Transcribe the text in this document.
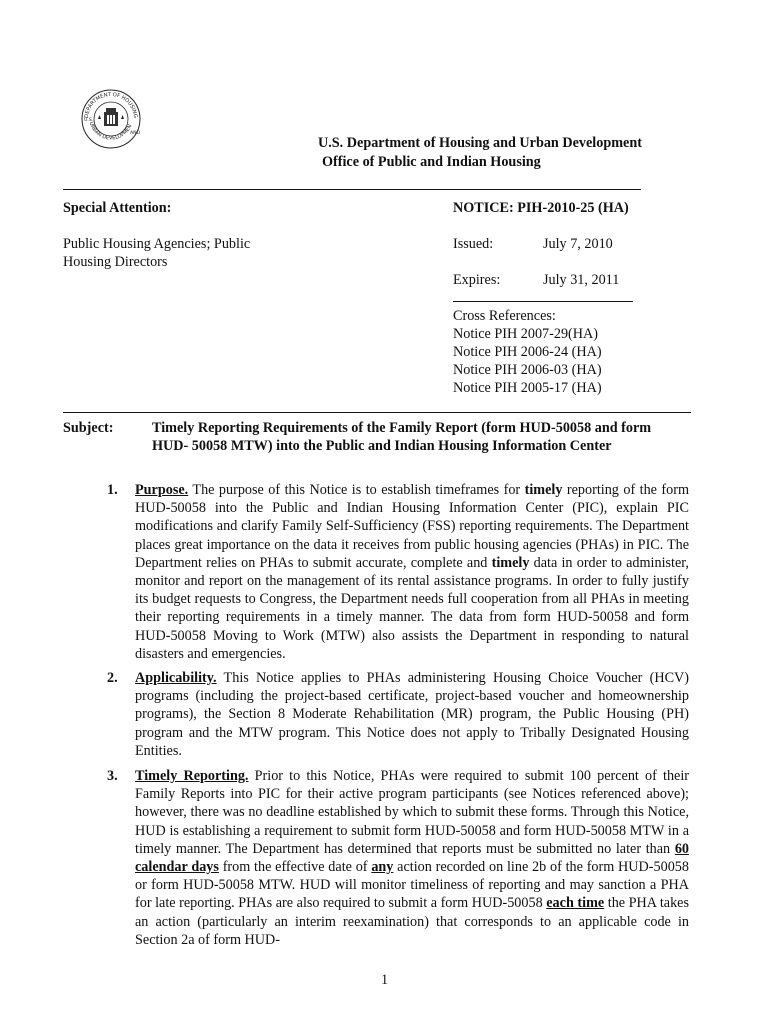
DEPARTMENT OF HOUSING
URBAN DEVELOPMEN
U.S.
AND
U.S. Department of Housing and Urban Development
Office of Public and Indian Housing
Special Attention:
Public Housing Agencies; Public
Housing Directors
NOTICE: PIH-2010-25 (HA)
Issued:	July 7, 2010
Expires:	July 31, 2011
Cross References:
Notice PIH 2007-29(HA)
Notice PIH 2006-24 (HA)
Notice PIH 2006-03 (HA)
Notice PIH 2005-17 (HA)
Subject:	Timely Reporting Requirements of the Family Report (form HUD-50058 and form
HUD- 50058 MTW) into the Public and Indian Housing Information Center
1. Purpose. The purpose of this Notice is to establish timeframes for timely reporting of the form HUD-50058 into the Public and Indian Housing Information Center (PIC), explain PIC modifications and clarify Family Self-Sufficiency (FSS) reporting requirements. The Department places great importance on the data it receives from public housing agencies (PHAs) in PIC. The Department relies on PHAs to submit accurate, complete and timely data in order to administer, monitor and report on the management of its rental assistance programs. In order to fully justify its budget requests to Congress, the Department needs full cooperation from all PHAs in meeting their reporting requirements in a timely manner. The data from form HUD-50058 and form HUD-50058 Moving to Work (MTW) also assists the Department in responding to natural disasters and emergencies.
2. Applicability. This Notice applies to PHAs administering Housing Choice Voucher (HCV) programs (including the project-based certificate, project-based voucher and homeownership programs), the Section 8 Moderate Rehabilitation (MR) program, the Public Housing (PH) program and the MTW program. This Notice does not apply to Tribally Designated Housing Entities.
3. Timely Reporting. Prior to this Notice, PHAs were required to submit 100 percent of their Family Reports into PIC for their active program participants (see Notices referenced above); however, there was no deadline established by which to submit these forms. Through this Notice, HUD is establishing a requirement to submit form HUD-50058 and form HUD-50058 MTW in a timely manner. The Department has determined that reports must be submitted no later than 60 calendar days from the effective date of any action recorded on line 2b of the form HUD-50058 or form HUD-50058 MTW. HUD will monitor timeliness of reporting and may sanction a PHA for late reporting. PHAs are also required to submit a form HUD-50058 each time the PHA takes an action (particularly an interim reexamination) that corresponds to an applicable code in Section 2a of form HUD-
1
